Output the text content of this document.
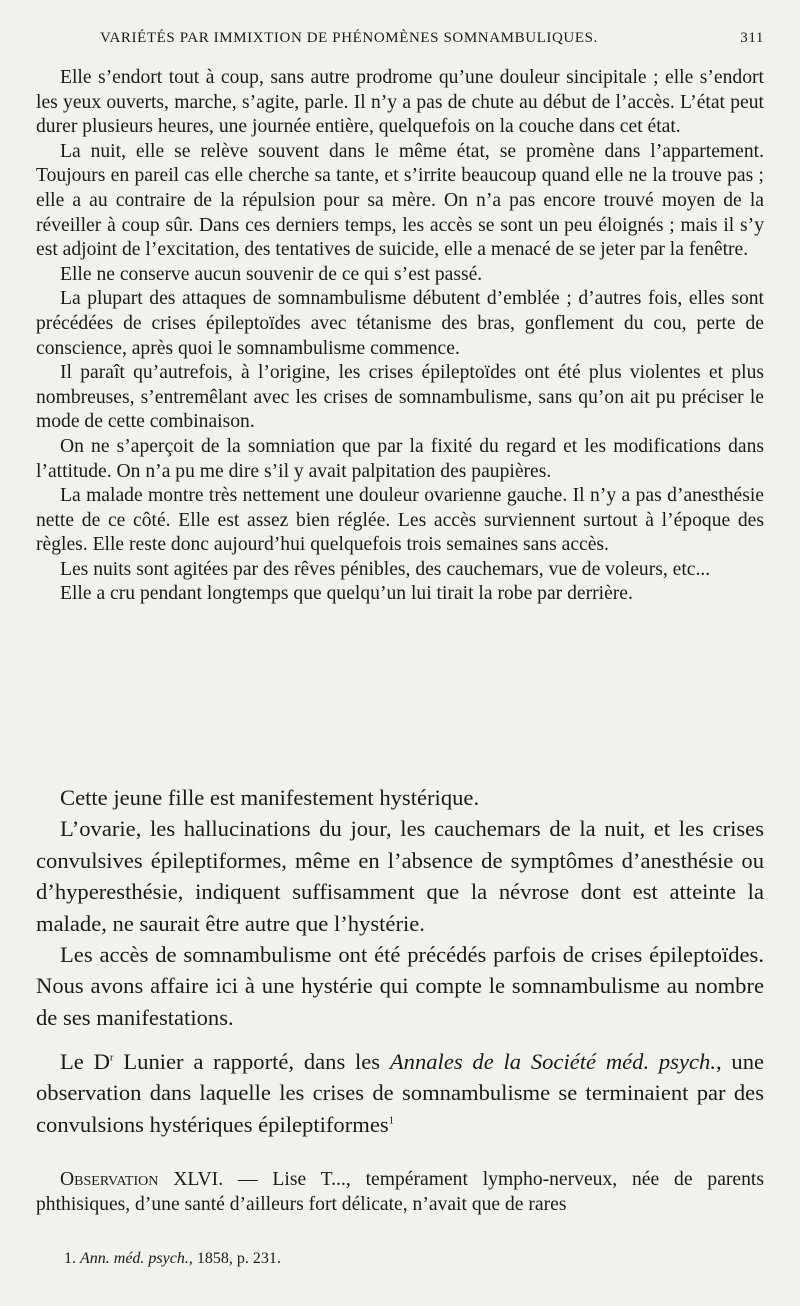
VARIÉTÉS PAR IMMIXTION DE PHÉNOMÈNES SOMNAMBULIQUES.	311

Elle s’endort tout à coup, sans autre prodrome qu’une douleur sincipitale ; elle s’endort les yeux ouverts, marche, s’agite, parle. Il n’y a pas de chute au début de l’accès. L’état peut durer plusieurs heures, une journée entière, quelquefois on la couche dans cet état.

La nuit, elle se relève souvent dans le même état, se promène dans l’appartement. Toujours en pareil cas elle cherche sa tante, et s’irrite beaucoup quand elle ne la trouve pas ; elle a au contraire de la répulsion pour sa mère. On n’a pas encore trouvé moyen de la réveiller à coup sûr. Dans ces derniers temps, les accès se sont un peu éloignés ; mais il s’y est adjoint de l’excitation, des tentatives de suicide, elle a menacé de se jeter par la fenêtre.

Elle ne conserve aucun souvenir de ce qui s’est passé.

La plupart des attaques de somnambulisme débutent d’emblée ; d’autres fois, elles sont précédées de crises épileptoïdes avec tétanisme des bras, gonflement du cou, perte de conscience, après quoi le somnambulisme commence.

Il paraît qu’autrefois, à l’origine, les crises épileptoïdes ont été plus violentes et plus nombreuses, s’entremêlant avec les crises de somnambulisme, sans qu’on ait pu préciser le mode de cette combinaison.

On ne s’aperçoit de la somniation que par la fixité du regard et les modifications dans l’attitude. On n’a pu me dire s’il y avait palpitation des paupières.

La malade montre très nettement une douleur ovarienne gauche. Il n’y a pas d’anesthésie nette de ce côté. Elle est assez bien réglée. Les accès surviennent surtout à l’époque des règles. Elle reste donc aujourd’hui quelquefois trois semaines sans accès.

Les nuits sont agitées par des rêves pénibles, des cauchemars, vue de voleurs, etc...

Elle a cru pendant longtemps que quelqu’un lui tirait la robe par derrière.

Cette jeune fille est manifestement hystérique.

L’ovarie, les hallucinations du jour, les cauchemars de la nuit, et les crises convulsives épileptiformes, même en l’absence de symptômes d’anesthésie ou d’hyperesthésie, indiquent suffisamment que la névrose dont est atteinte la malade, ne saurait être autre que l’hystérie.

Les accès de somnambulisme ont été précédés parfois de crises épileptoïdes. Nous avons affaire ici à une hystérie qui compte le somnambulisme au nombre de ses manifestations.

Le $D^r$ Lunier a rapporté, dans les Annales de la Société méd. psych., une observation dans laquelle les crises de somnambulisme se terminaient par des convulsions hystériques épileptiformes$^1$

Observation XLVI. — Lise T..., tempérament lympho-nerveux, née de parents phthisiques, d’une santé d’ailleurs fort délicate, n’avait que de rares

1. Ann. méd. psych., 1858, p. 231.
